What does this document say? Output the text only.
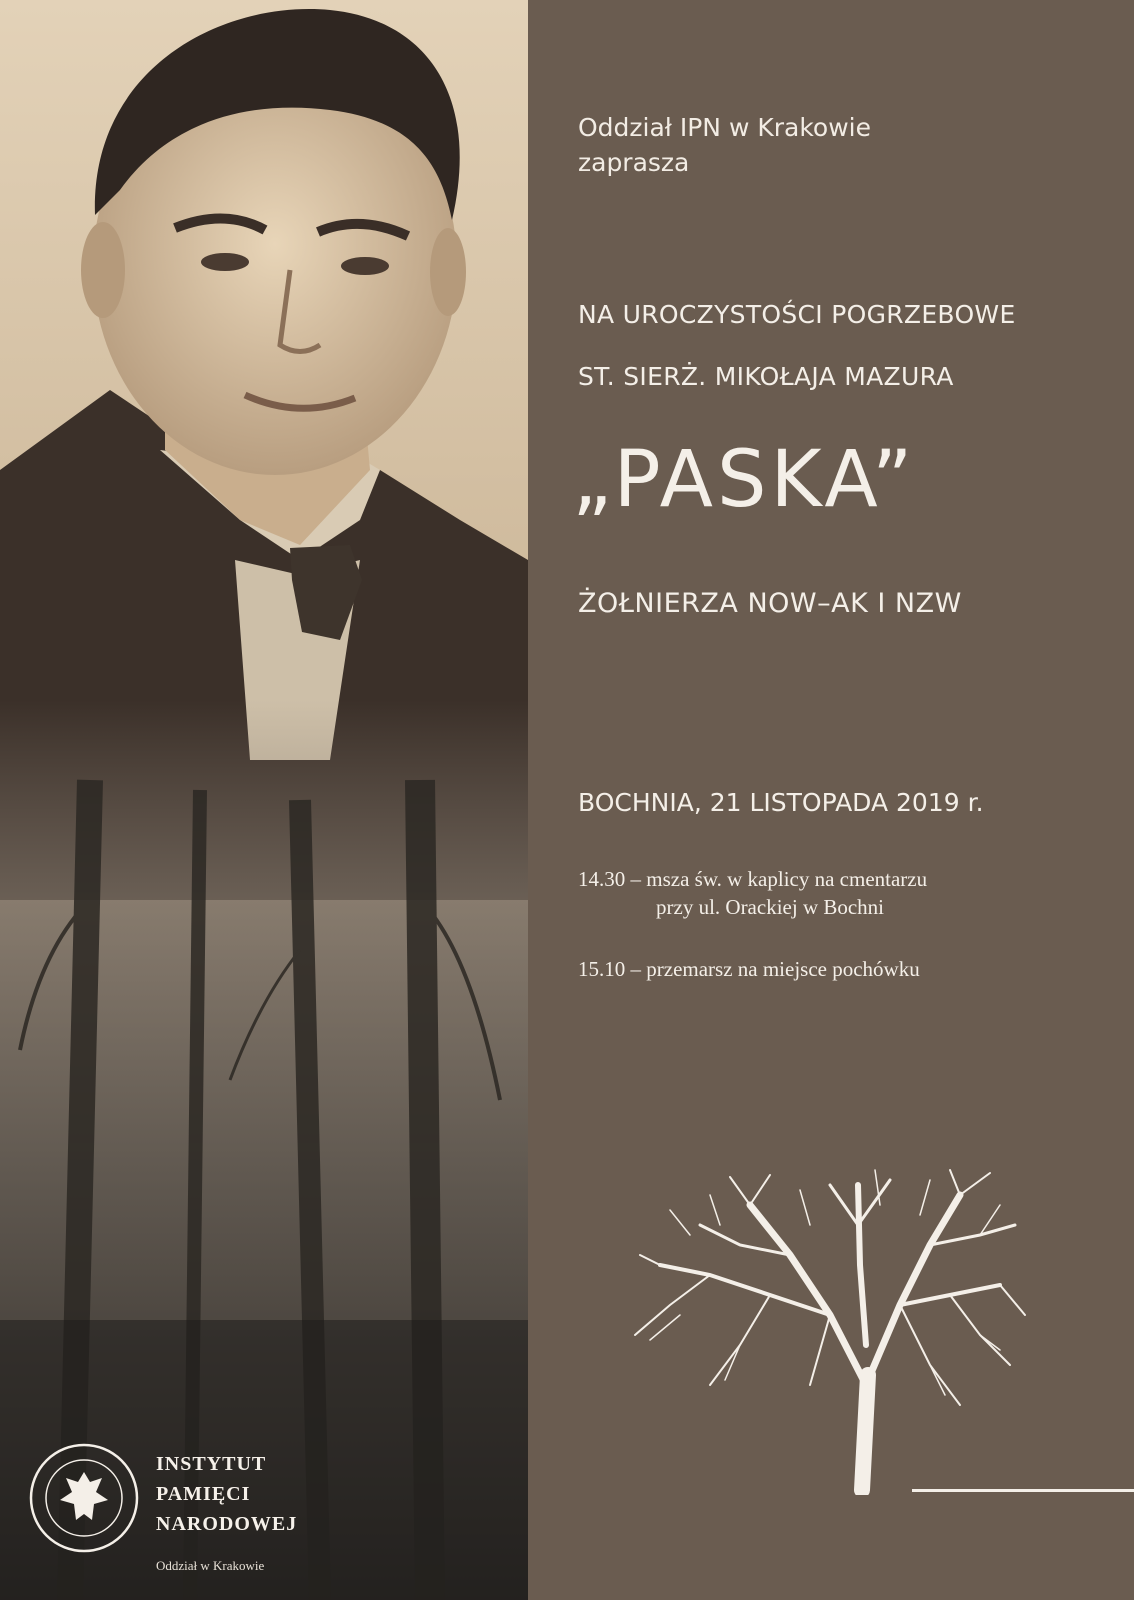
Oddział IPN w Krakowie
zaprasza
NA UROCZYSTOŚCI POGRZEBOWE
ST. SIERŻ. MIKOŁAJA MAZURA
„PASKA”
ŻOŁNIERZA NOW–AK I NZW
BOCHNIA, 21 LISTOPADA 2019 r.
14.30 – msza św. w kaplicy na cmentarzu
przy ul. Orackiej w Bochni
15.10 – przemarsz na miejsce pochówku
INSTYTUT
PAMIĘCI
NARODOWEJ
Oddział w Krakowie
